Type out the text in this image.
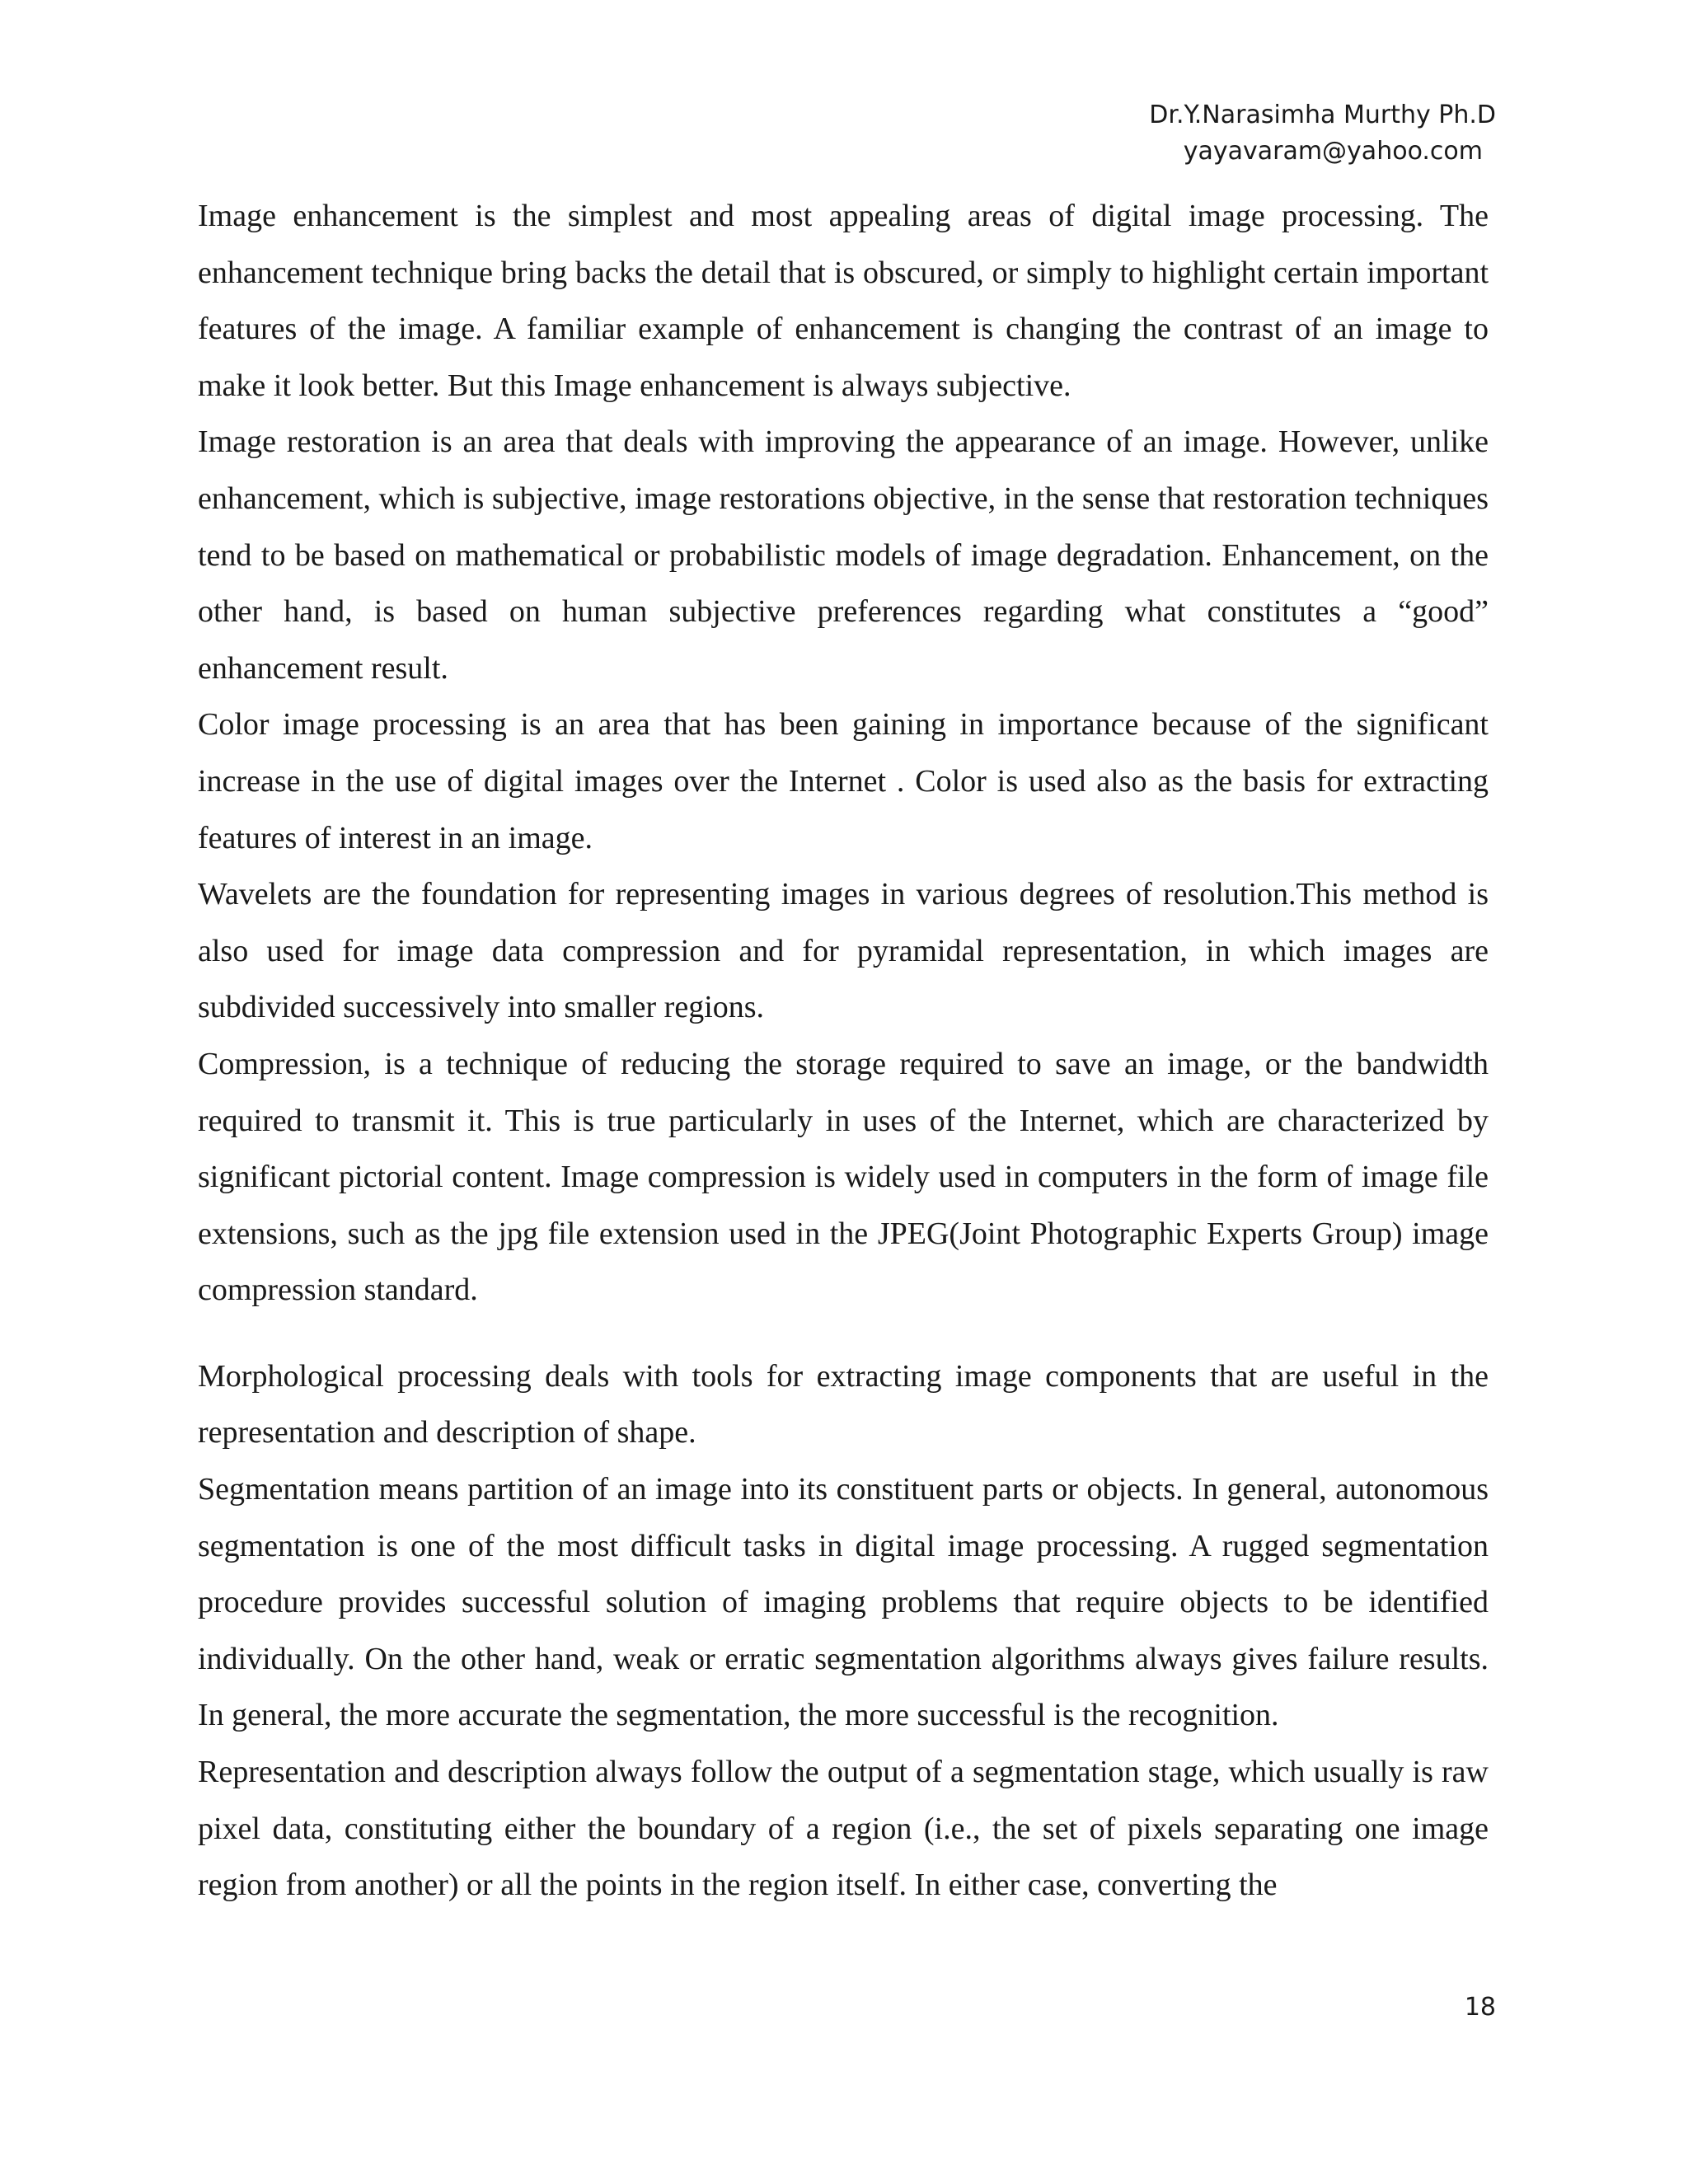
Dr.Y.Narasimha Murthy Ph.D

yayavaram@yahoo.com

Image enhancement is the simplest and most appealing areas of digital image processing. The enhancement technique bring backs the detail that is obscured, or simply to highlight certain important features of the image. A familiar example of enhancement is changing the contrast of an image to make it look better. But this Image enhancement is always subjective.

Image restoration is an area that deals with improving the appearance of an image. However, unlike enhancement, which is subjective, image restorations objective, in the sense that restoration techniques tend to be based on mathematical or probabilistic models of image degradation. Enhancement, on the other hand, is based on human subjective preferences regarding what constitutes a “good” enhancement result.

Color image processing is an area that has been gaining in importance because of the significant increase in the use of digital images over the Internet . Color is used also as the basis for extracting features of interest in an image.

Wavelets are the foundation for representing images in various degrees of resolution.This method is also used for image data compression and for pyramidal representation, in which images are subdivided successively into smaller regions.

Compression, is a technique of reducing the storage required to save an image, or the bandwidth required to transmit it. This is true particularly in uses of the Internet, which are characterized by significant pictorial content. Image compression is widely used in computers in the form of image file extensions, such as the jpg file extension used in the JPEG(Joint Photographic Experts Group) image compression standard.

Morphological processing deals with tools for extracting image components that are useful in the representation and description of shape.

Segmentation means partition of an image into its constituent parts or objects. In general, autonomous segmentation is one of the most difficult tasks in digital image processing. A rugged segmentation procedure provides successful solution of imaging problems that require objects to be identified individually. On the other hand, weak or erratic segmentation algorithms always gives failure results. In general, the more accurate the segmentation, the more successful is the recognition.

Representation and description always follow the output of a segmentation stage, which usually is raw pixel data, constituting either the boundary of a region (i.e., the set of pixels separating one image region from another) or all the points in the region itself. In either case, converting the

18
